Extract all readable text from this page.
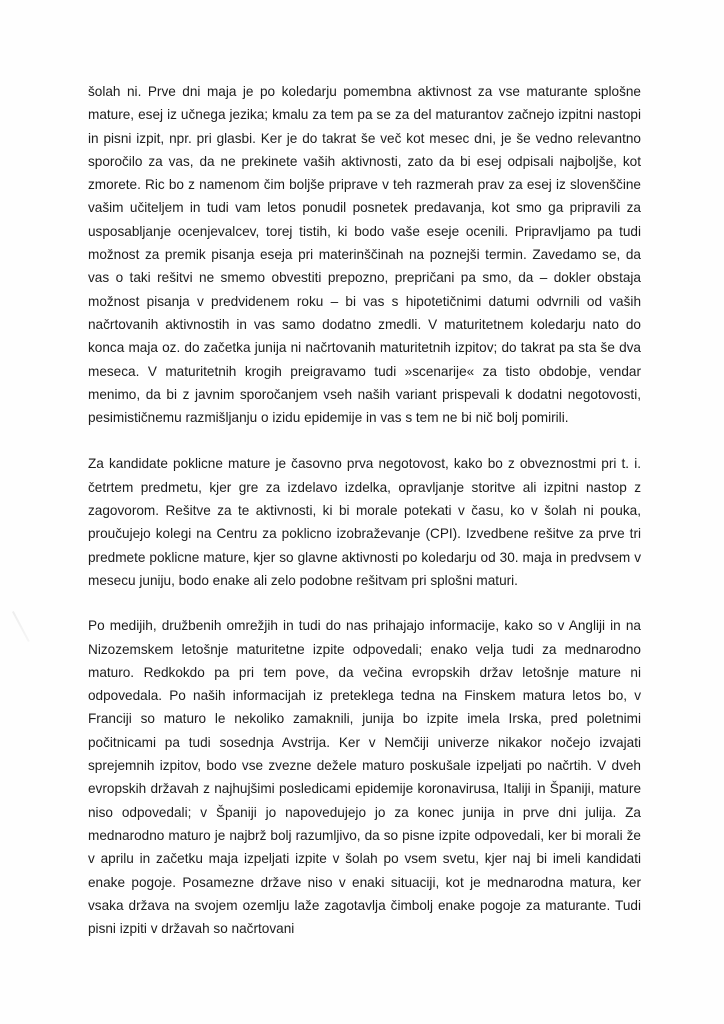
šolah ni. Prve dni maja je po koledarju pomembna aktivnost za vse maturante splošne mature, esej iz učnega jezika; kmalu za tem pa se za del maturantov začnejo izpitni nastopi in pisni izpit, npr. pri glasbi. Ker je do takrat še več kot mesec dni, je še vedno relevantno sporočilo za vas, da ne prekinete vaših aktivnosti, zato da bi esej odpisali najboljše, kot zmorete. Ric bo z namenom čim boljše priprave v teh razmerah prav za esej iz slovenščine vašim učiteljem in tudi vam letos ponudil posnetek predavanja, kot smo ga pripravili za usposabljanje ocenjevalcev, torej tistih, ki bodo vaše eseje ocenili. Pripravljamo pa tudi možnost za premik pisanja eseja pri materinščinah na poznejši termin. Zavedamo se, da vas o taki rešitvi ne smemo obvestiti prepozno, prepričani pa smo, da – dokler obstaja možnost pisanja v predvidenem roku – bi vas s hipotetičnimi datumi odvrnili od vaših načrtovanih aktivnostih in vas samo dodatno zmedli. V maturitetnem koledarju nato do konca maja oz. do začetka junija ni načrtovanih maturitetnih izpitov; do takrat pa sta še dva meseca. V maturitetnih krogih preigravamo tudi »scenarije« za tisto obdobje, vendar menimo, da bi z javnim sporočanjem vseh naših variant prispevali k dodatni negotovosti, pesimističnemu razmišljanju o izidu epidemije in vas s tem ne bi nič bolj pomirili.

Za kandidate poklicne mature je časovno prva negotovost, kako bo z obveznostmi pri t. i. četrtem predmetu, kjer gre za izdelavo izdelka, opravljanje storitve ali izpitni nastop z zagovorom. Rešitve za te aktivnosti, ki bi morale potekati v času, ko v šolah ni pouka, proučujejo kolegi na Centru za poklicno izobraževanje (CPI). Izvedbene rešitve za prve tri predmete poklicne mature, kjer so glavne aktivnosti po koledarju od 30. maja in predvsem v mesecu juniju, bodo enake ali zelo podobne rešitvam pri splošni maturi.

Po medijih, družbenih omrežjih in tudi do nas prihajajo informacije, kako so v Angliji in na Nizozemskem letošnje maturitetne izpite odpovedali; enako velja tudi za mednarodno maturo. Redkokdo pa pri tem pove, da večina evropskih držav letošnje mature ni odpovedala. Po naših informacijah iz preteklega tedna na Finskem matura letos bo, v Franciji so maturo le nekoliko zamaknili, junija bo izpite imela Irska, pred poletnimi počitnicami pa tudi sosednja Avstrija. Ker v Nemčiji univerze nikakor nočejo izvajati sprejemnih izpitov, bodo vse zvezne dežele maturo poskušale izpeljati po načrtih. V dveh evropskih državah z najhujšimi posledicami epidemije koronavirusa, Italiji in Španiji, mature niso odpovedali; v Španiji jo napovedujejo jo za konec junija in prve dni julija. Za mednarodno maturo je najbrž bolj razumljivo, da so pisne izpite odpovedali, ker bi morali že v aprilu in začetku maja izpeljati izpite v šolah po vsem svetu, kjer naj bi imeli kandidati enake pogoje. Posamezne države niso v enaki situaciji, kot je mednarodna matura, ker vsaka država na svojem ozemlju laže zagotavlja čimbolj enake pogoje za maturante. Tudi pisni izpiti v državah so načrtovani
